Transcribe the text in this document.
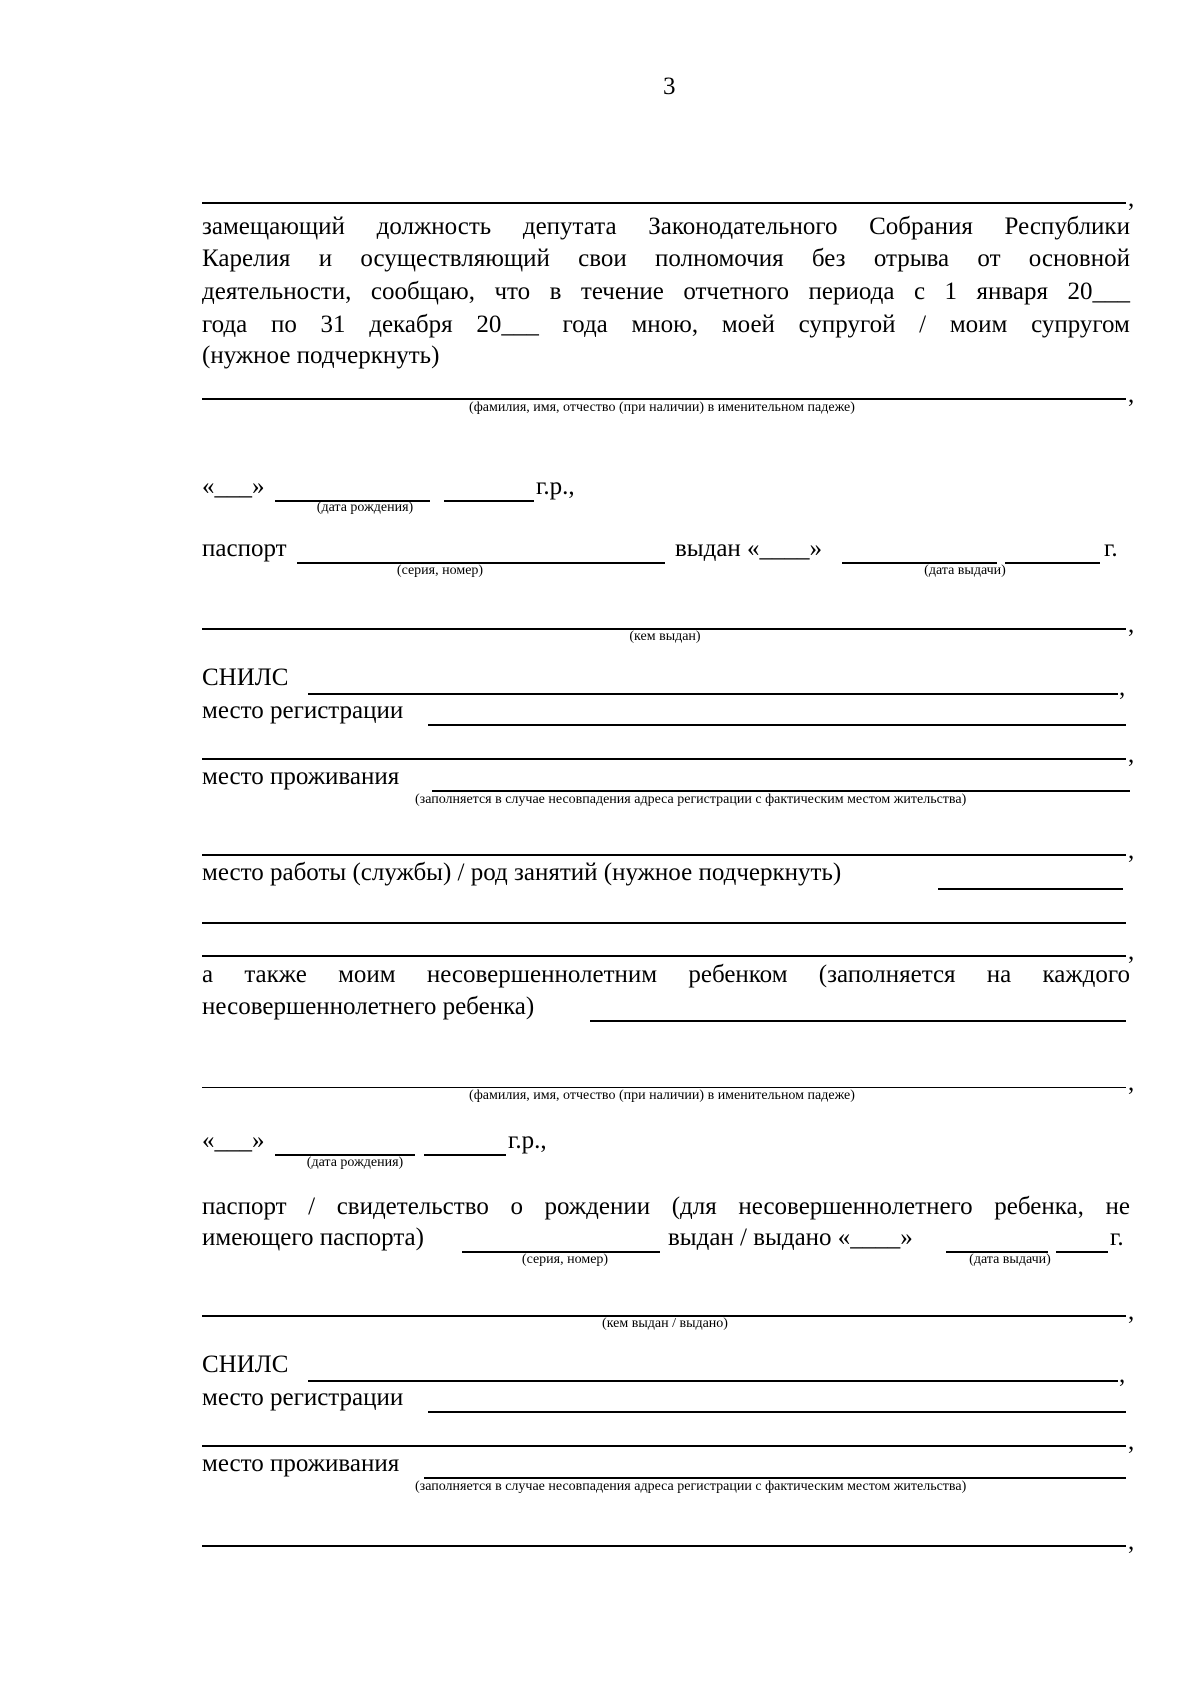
3
,
замещающий должность депутата Законодательного Собрания Республики
Карелия и осуществляющий свои полномочия без отрыва от основной
деятельности, сообщаю, что в течение отчетного периода с 1 января 20___
года по 31 декабря 20___ года мною, моей супругой / моим супругом
(нужное подчеркнуть)
,
(фамилия, имя, отчество (при наличии) в именительном падеже)
«___»	г.р.,
(дата рождения)
паспорт	выдан «____»	г.
(серия, номер)	(дата выдачи)
,
(кем выдан)
СНИЛС	,
место регистрации
,
место проживания
(заполняется в случае несовпадения адреса регистрации с фактическим местом жительства)
,
место работы (службы) / род занятий (нужное подчеркнуть)
,
а также моим несовершеннолетним ребенком (заполняется на каждого
несовершеннолетнего ребенка)
,
(фамилия, имя, отчество (при наличии) в именительном падеже)
«___»	г.р.,
(дата рождения)
паспорт / свидетельство о рождении (для несовершеннолетнего ребенка, не
имеющего паспорта)	выдан / выдано «____»	г.
(серия, номер)	(дата выдачи)
,
(кем выдан / выдано)
СНИЛС	,
место регистрации
,
место проживания
(заполняется в случае несовпадения адреса регистрации с фактическим местом жительства)
,
